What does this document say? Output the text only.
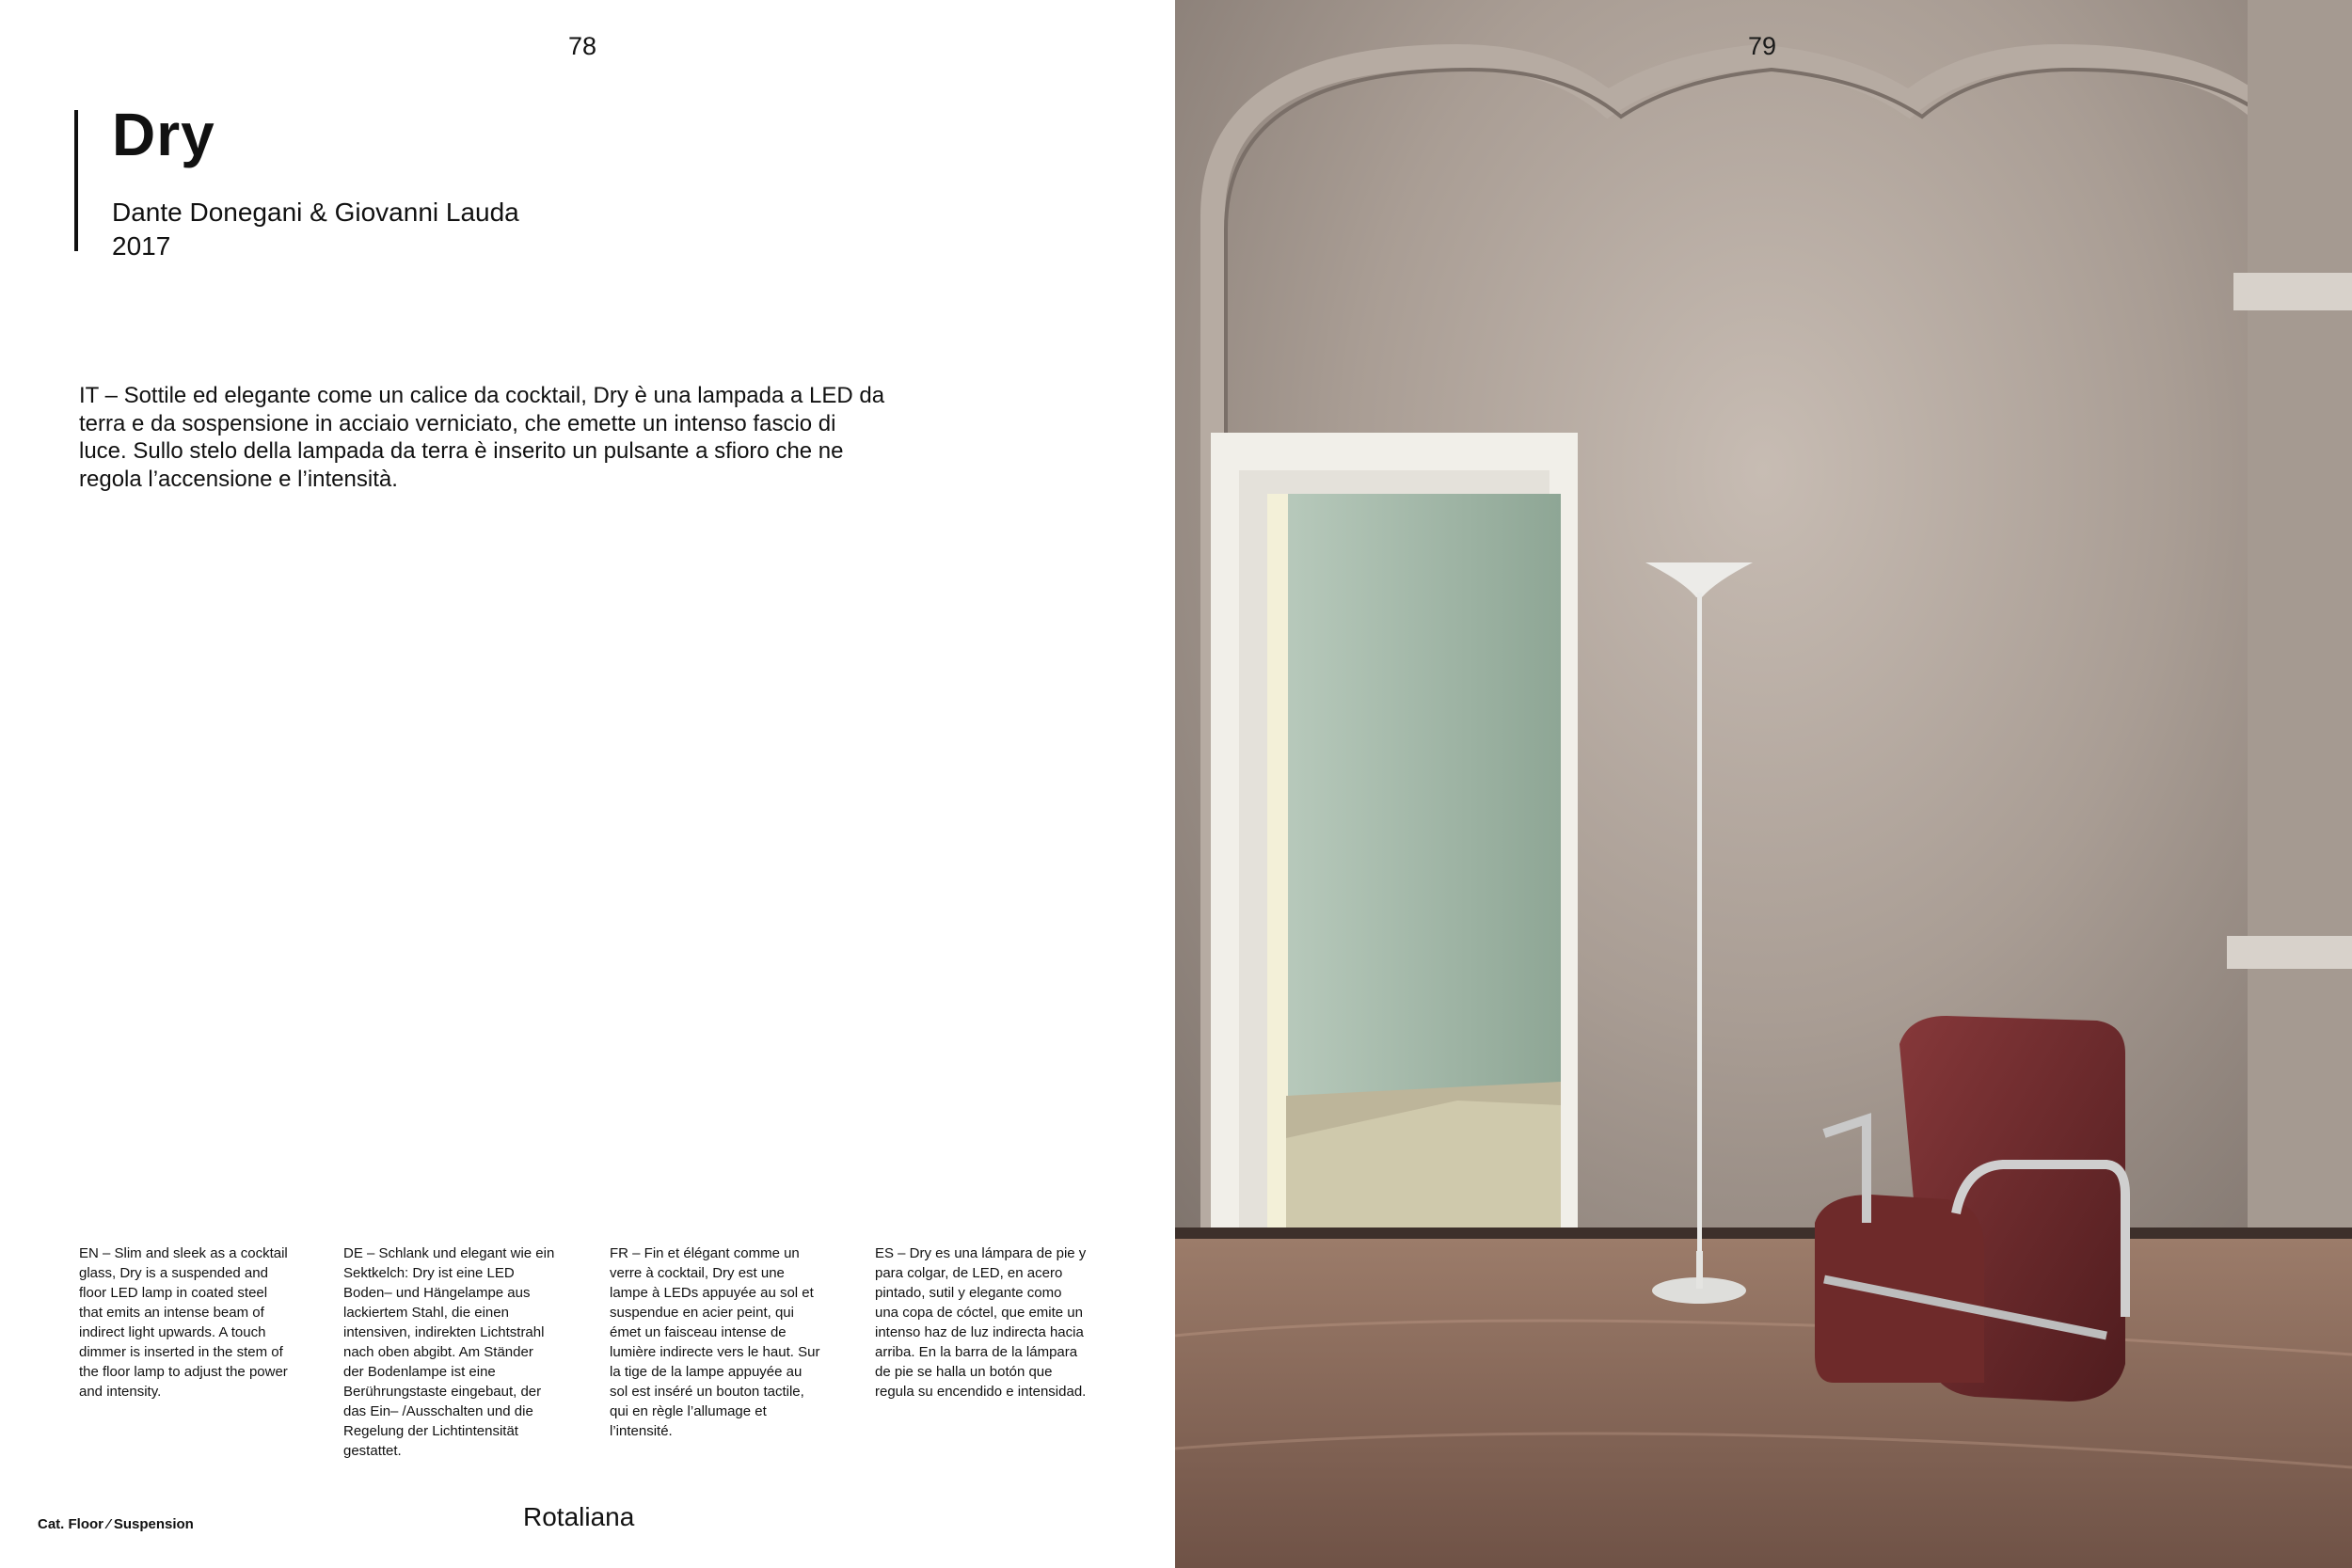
78
Dry
Dante Donegani & Giovanni Lauda
2017
IT – Sottile ed elegante come un calice da cocktail, Dry è una lampada a LED da terra e da sospensione in acciaio verniciato, che emette un intenso fascio di luce. Sullo stelo della lampada da terra è inserito un pulsante a sfioro che ne regola l’accensione e l’intensità.
EN – Slim and sleek as a cocktail glass, Dry is a suspended and floor LED lamp in coated steel that emits an intense beam of indirect light upwards. A touch dimmer is inserted in the stem of the floor lamp to adjust the power and intensity.
DE – Schlank und elegant wie ein Sektkelch: Dry ist eine LED Boden– und Hängelampe aus lackiertem Stahl, die einen intensiven, indirekten Lichtstrahl nach oben abgibt. Am Ständer der Bodenlampe ist eine Berührungstaste eingebaut, der das Ein– /Ausschalten und die Regelung der Lichtintensität gestattet.
FR – Fin et élégant comme un verre à cocktail, Dry est une lampe à LEDs appuyée au sol et suspendue en acier peint, qui émet un faisceau intense de lumière indirecte vers le haut. Sur la tige de la lampe appuyée au sol est inséré un bouton tactile, qui en règle l’allumage et l’intensité.
ES – Dry es una lámpara de pie y para colgar, de LED, en acero pintado, sutil y elegante como una copa de cóctel, que emite un intenso haz de luz indirecta hacia arriba. En la barra de la lámpara de pie se halla un botón que regula su encendido e intensidad.
Cat. Floor ⁄ Suspension	Rotaliana
79
